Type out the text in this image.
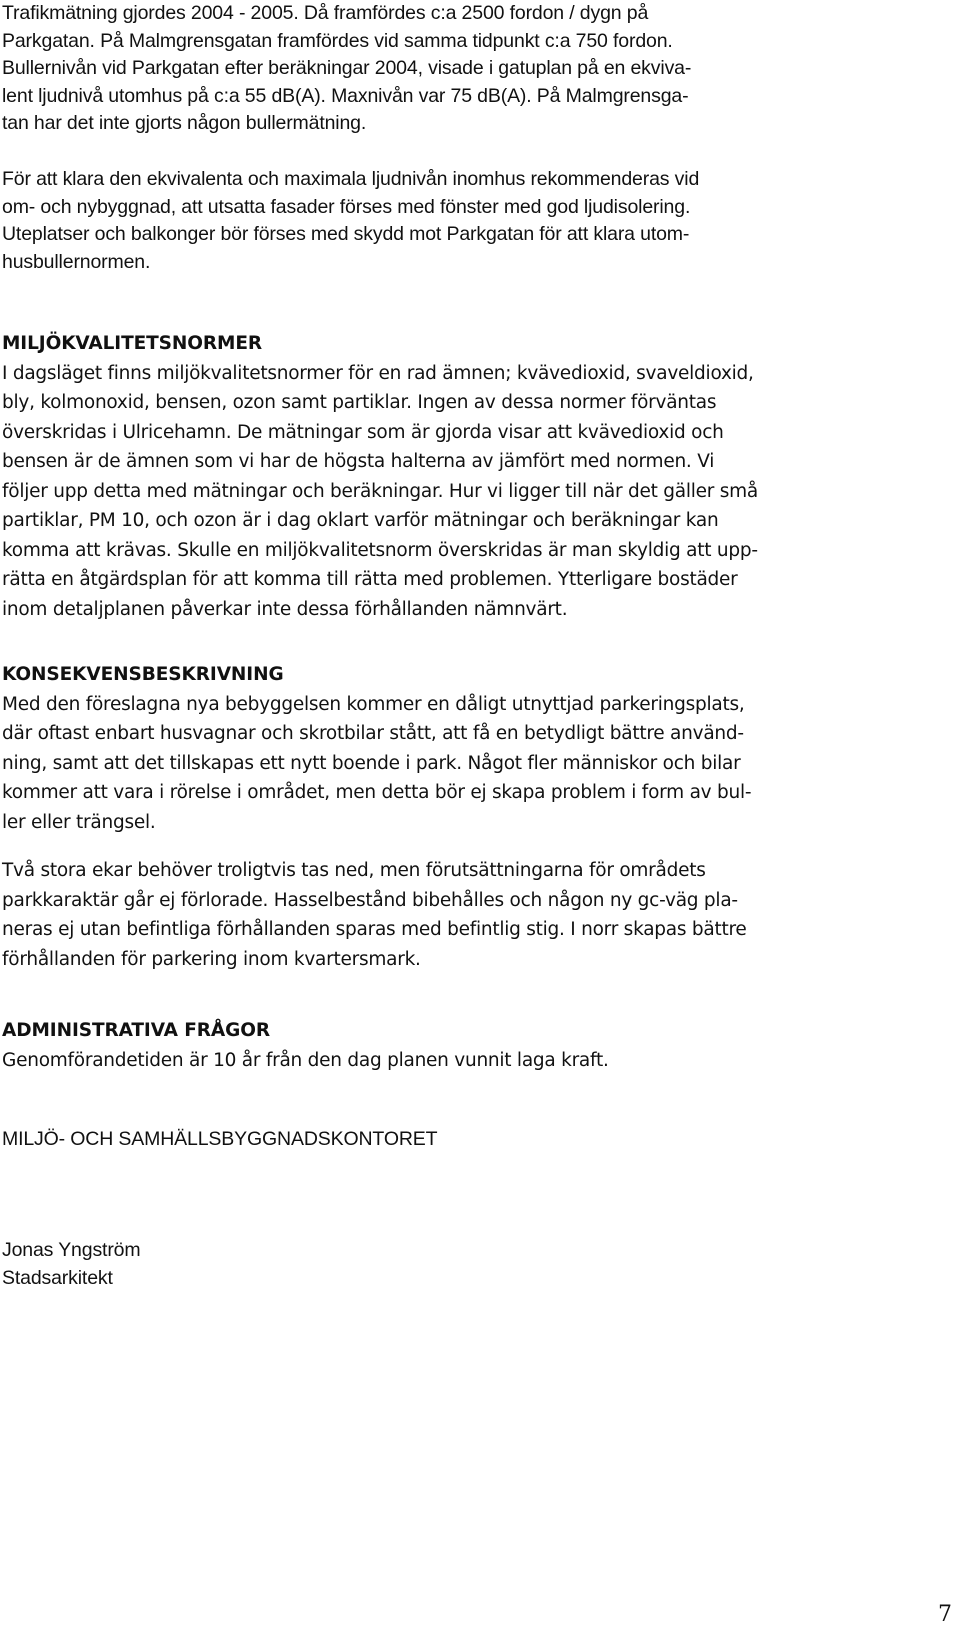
Trafikmätning gjordes 2004 - 2005. Då framfördes c:a 2500 fordon / dygn på
Parkgatan. På Malmgrensgatan framfördes vid samma tidpunkt c:a 750 fordon.
Bullernivån vid Parkgatan efter beräkningar 2004, visade i gatuplan på en ekviva-
lent ljudnivå utomhus på c:a 55 dB(A). Maxnivån var 75 dB(A). På Malmgrensga-
tan har det inte gjorts någon bullermätning.
För att klara den ekvivalenta och maximala ljudnivån inomhus rekommenderas vid
om- och nybyggnad, att utsatta fasader förses med fönster med god ljudisolering.
Uteplatser och balkonger bör förses med skydd mot Parkgatan för att klara utom-
husbullernormen.
MILJÖKVALITETSNORMER
I dagsläget finns miljökvalitetsnormer för en rad ämnen; kvävedioxid, svaveldioxid,
bly, kolmonoxid, bensen, ozon samt partiklar. Ingen av dessa normer förväntas
överskridas i Ulricehamn. De mätningar som är gjorda visar att kvävedioxid och
bensen är de ämnen som vi har de högsta halterna av jämfört med normen. Vi
följer upp detta med mätningar och beräkningar. Hur vi ligger till när det gäller små
partiklar, PM 10, och ozon är i dag oklart varför mätningar och beräkningar kan
komma att krävas. Skulle en miljökvalitetsnorm överskridas är man skyldig att upp-
rätta en åtgärdsplan för att komma till rätta med problemen. Ytterligare bostäder
inom detaljplanen påverkar inte dessa förhållanden nämnvärt.
KONSEKVENSBESKRIVNING
Med den föreslagna nya bebyggelsen kommer en dåligt utnyttjad parkeringsplats,
där oftast enbart husvagnar och skrotbilar stått, att få en betydligt bättre använd-
ning, samt att det tillskapas ett nytt boende i park. Något fler människor och bilar
kommer att vara i rörelse i området, men detta bör ej skapa problem i form av bul-
ler eller trängsel.
Två stora ekar behöver troligtvis tas ned, men förutsättningarna för områdets
parkkaraktär går ej förlorade. Hasselbestånd bibehålles och någon ny gc-väg pla-
neras ej utan befintliga förhållanden sparas med befintlig stig. I norr skapas bättre
förhållanden för parkering inom kvartersmark.
ADMINISTRATIVA FRÅGOR
Genomförandetiden är 10 år från den dag planen vunnit laga kraft.
MILJÖ- OCH SAMHÄLLSBYGGNADSKONTORET
Jonas Yngström
Stadsarkitekt
7
